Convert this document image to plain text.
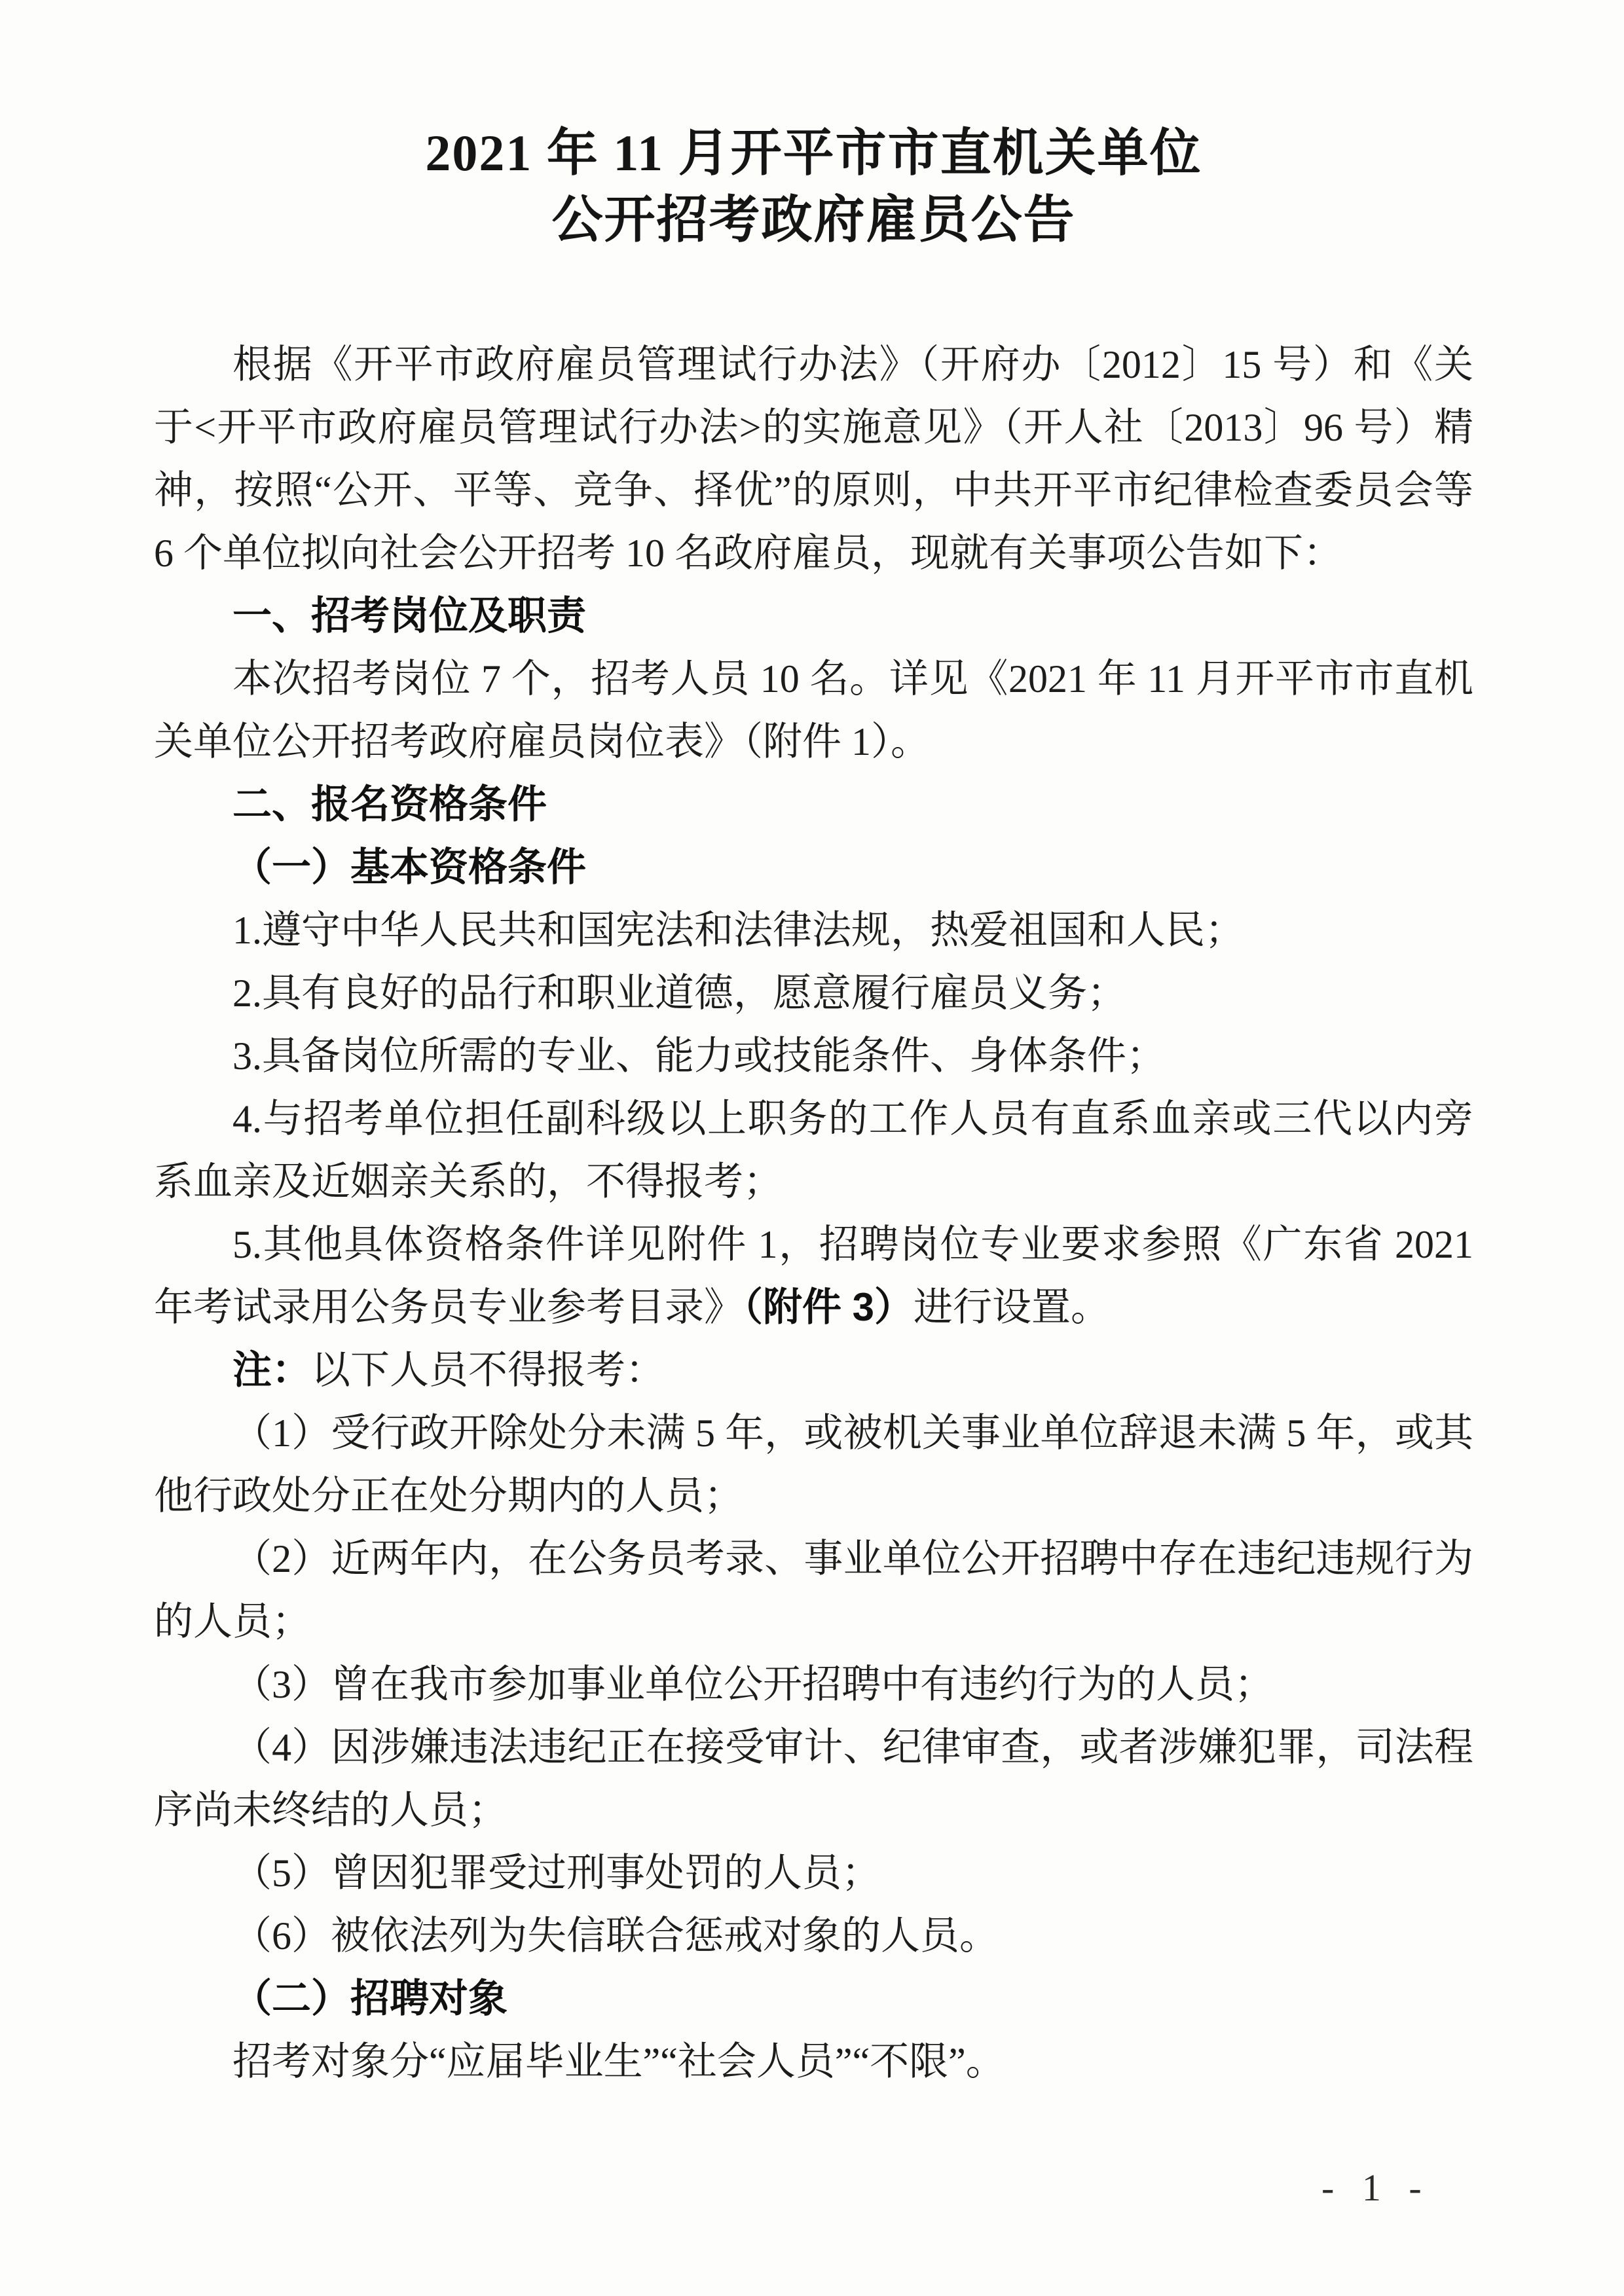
2021 年 11 月开平市市直机关单位
公开招考政府雇员公告

根据《开平市政府雇员管理试行办法》（开府办〔2012〕15 号）和《关于<开平市政府雇员管理试行办法>的实施意见》（开人社〔2013〕96 号）精神，按照“公开、平等、竞争、择优”的原则，中共开平市纪律检查委员会等 6 个单位拟向社会公开招考 10 名政府雇员，现就有关事项公告如下：

一、招考岗位及职责

本次招考岗位 7 个，招考人员 10 名。详见《2021 年 11 月开平市市直机关单位公开招考政府雇员岗位表》（附件 1）。

二、报名资格条件

（一）基本资格条件

1.遵守中华人民共和国宪法和法律法规，热爱祖国和人民；

2.具有良好的品行和职业道德，愿意履行雇员义务；

3.具备岗位所需的专业、能力或技能条件、身体条件；

4.与招考单位担任副科级以上职务的工作人员有直系血亲或三代以内旁系血亲及近姻亲关系的，不得报考；

5.其他具体资格条件详见附件 1，招聘岗位专业要求参照《广东省 2021 年考试录用公务员专业参考目录》（附件 3）进行设置。

注：以下人员不得报考：

（1）受行政开除处分未满 5 年，或被机关事业单位辞退未满 5 年，或其他行政处分正在处分期内的人员；

（2）近两年内，在公务员考录、事业单位公开招聘中存在违纪违规行为的人员；

（3）曾在我市参加事业单位公开招聘中有违约行为的人员；

（4）因涉嫌违法违纪正在接受审计、纪律审查，或者涉嫌犯罪，司法程序尚未终结的人员；

（5）曾因犯罪受过刑事处罚的人员；

（6）被依法列为失信联合惩戒对象的人员。

（二）招聘对象

招考对象分“应届毕业生”“社会人员”“不限”。

- 1 -
